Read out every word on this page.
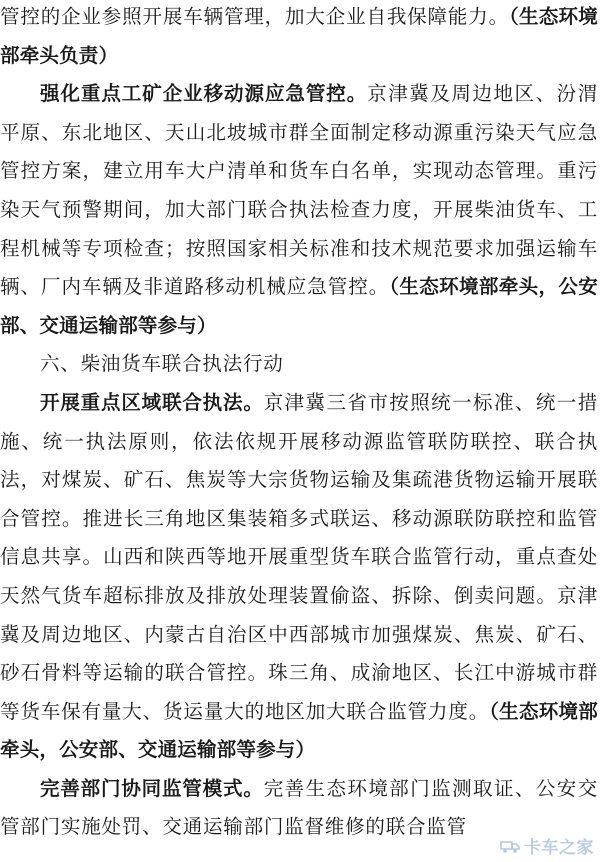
管控的企业参照开展车辆管理，加大企业自我保障能力。（生态环境部牵头负责）

强化重点工矿企业移动源应急管控。京津冀及周边地区、汾渭平原、东北地区、天山北坡城市群全面制定移动源重污染天气应急管控方案，建立用车大户清单和货车白名单，实现动态管理。重污染天气预警期间，加大部门联合执法检查力度，开展柴油货车、工程机械等专项检查；按照国家相关标准和技术规范要求加强运输车辆、厂内车辆及非道路移动机械应急管控。（生态环境部牵头，公安部、交通运输部等参与）

六、柴油货车联合执法行动

开展重点区域联合执法。京津冀三省市按照统一标准、统一措施、统一执法原则，依法依规开展移动源监管联防联控、联合执法，对煤炭、矿石、焦炭等大宗货物运输及集疏港货物运输开展联合管控。推进长三角地区集装箱多式联运、移动源联防联控和监管信息共享。山西和陕西等地开展重型货车联合监管行动，重点查处天然气货车超标排放及排放处理装置偷盗、拆除、倒卖问题。京津冀及周边地区、内蒙古自治区中西部城市加强煤炭、焦炭、矿石、砂石骨料等运输的联合管控。珠三角、成渝地区、长江中游城市群等货车保有量大、货运量大的地区加大联合监管力度。（生态环境部牵头，公安部、交通运输部等参与）

完善部门协同监管模式。完善生态环境部门监测取证、公安交管部门实施处罚、交通运输部门监督维修的联合监管

卡车之家
